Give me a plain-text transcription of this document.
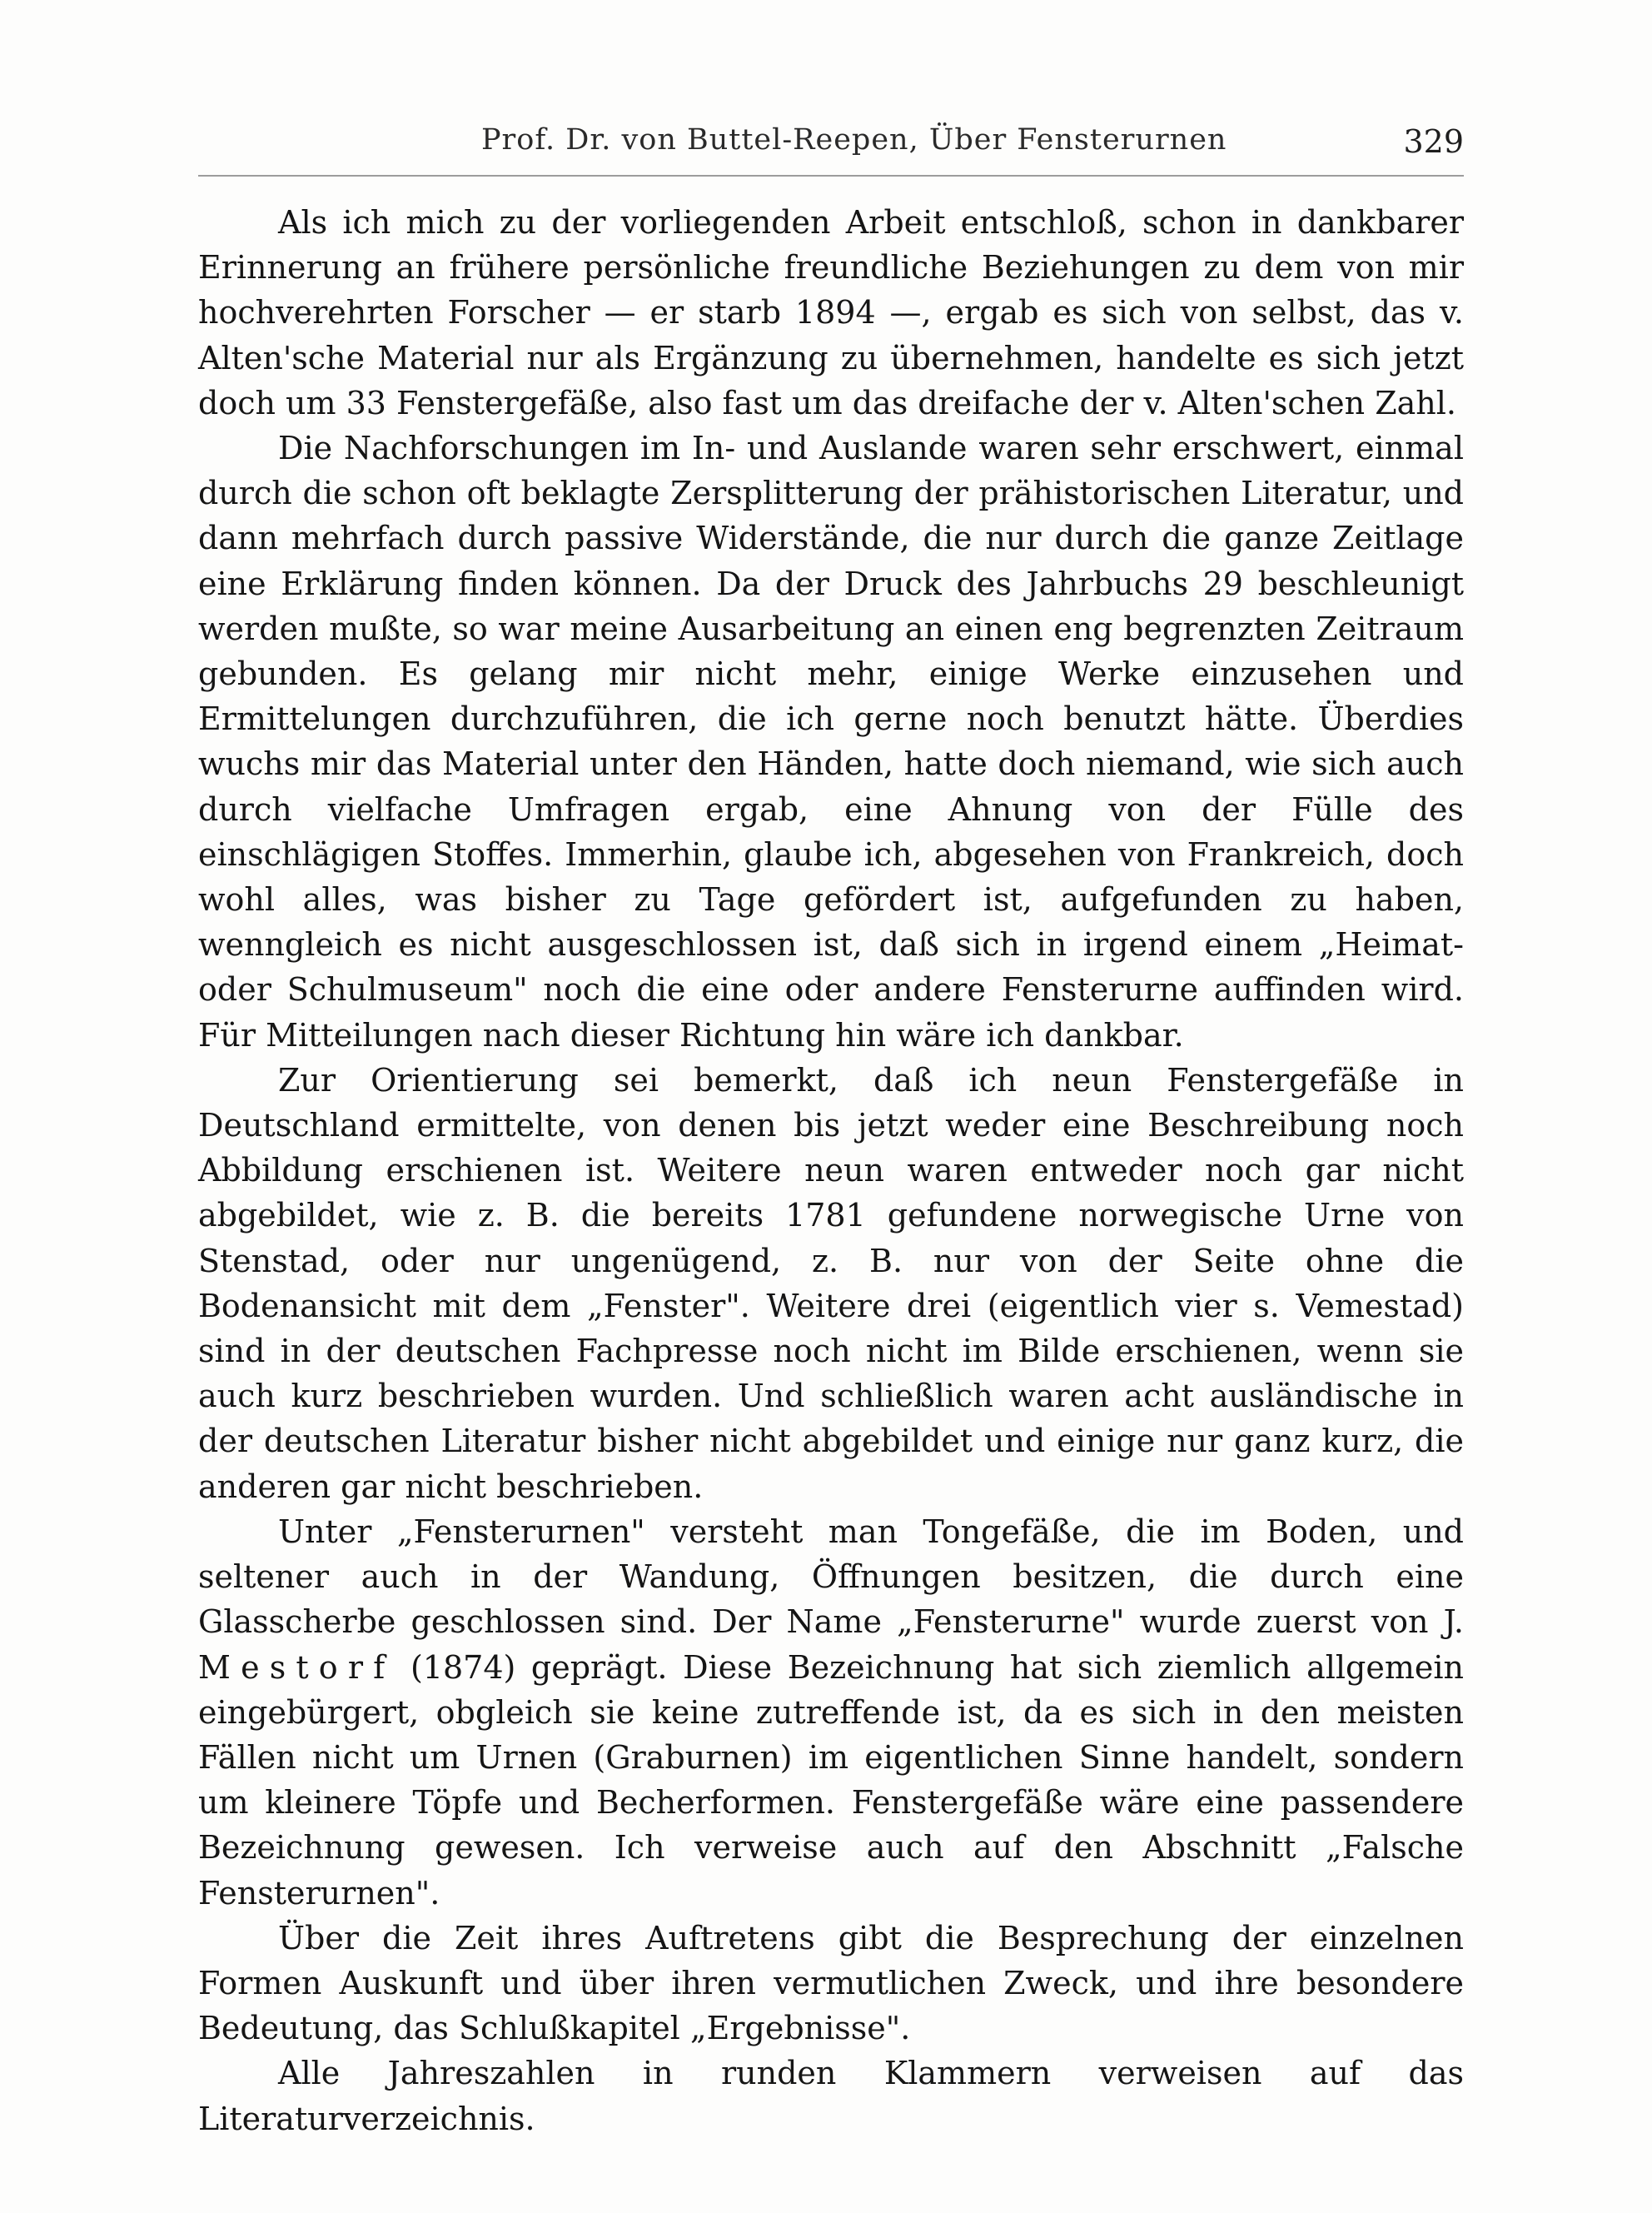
Prof. Dr. von Buttel-Reepen, Über Fensterurnen	329

Als ich mich zu der vorliegenden Arbeit entschloß, schon in dankbarer Erinnerung an frühere persönliche freundliche Beziehungen zu dem von mir hochverehrten Forscher — er starb 1894 —, ergab es sich von selbst, das v. Alten'sche Material nur als Ergänzung zu übernehmen, handelte es sich jetzt doch um 33 Fenstergefäße, also fast um das dreifache der v. Alten'schen Zahl.

Die Nachforschungen im In- und Auslande waren sehr erschwert, einmal durch die schon oft beklagte Zersplitterung der prähistorischen Literatur, und dann mehrfach durch passive Widerstände, die nur durch die ganze Zeitlage eine Erklärung finden können. Da der Druck des Jahrbuchs 29 beschleunigt werden mußte, so war meine Ausarbeitung an einen eng begrenzten Zeitraum gebunden. Es gelang mir nicht mehr, einige Werke einzusehen und Ermittelungen durchzuführen, die ich gerne noch benutzt hätte. Überdies wuchs mir das Material unter den Händen, hatte doch niemand, wie sich auch durch vielfache Umfragen ergab, eine Ahnung von der Fülle des einschlägigen Stoffes. Immerhin, glaube ich, abgesehen von Frankreich, doch wohl alles, was bisher zu Tage gefördert ist, aufgefunden zu haben, wenngleich es nicht ausgeschlossen ist, daß sich in irgend einem „Heimat- oder Schulmuseum" noch die eine oder andere Fensterurne auffinden wird. Für Mitteilungen nach dieser Richtung hin wäre ich dankbar.

Zur Orientierung sei bemerkt, daß ich neun Fenstergefäße in Deutschland ermittelte, von denen bis jetzt weder eine Beschreibung noch Abbildung erschienen ist. Weitere neun waren entweder noch gar nicht abgebildet, wie z. B. die bereits 1781 gefundene norwegische Urne von Stenstad, oder nur ungenügend, z. B. nur von der Seite ohne die Bodenansicht mit dem „Fenster". Weitere drei (eigentlich vier s. Vemestad) sind in der deutschen Fachpresse noch nicht im Bilde erschienen, wenn sie auch kurz beschrieben wurden. Und schließlich waren acht ausländische in der deutschen Literatur bisher nicht abgebildet und einige nur ganz kurz, die anderen gar nicht beschrieben.

Unter „Fensterurnen" versteht man Tongefäße, die im Boden, und seltener auch in der Wandung, Öffnungen besitzen, die durch eine Glasscherbe geschlossen sind. Der Name „Fensterurne" wurde zuerst von J. Mestorf (1874) geprägt. Diese Bezeichnung hat sich ziemlich allgemein eingebürgert, obgleich sie keine zutreffende ist, da es sich in den meisten Fällen nicht um Urnen (Graburnen) im eigentlichen Sinne handelt, sondern um kleinere Töpfe und Becherformen. Fenstergefäße wäre eine passendere Bezeichnung gewesen. Ich verweise auch auf den Abschnitt „Falsche Fensterurnen".

Über die Zeit ihres Auftretens gibt die Besprechung der einzelnen Formen Auskunft und über ihren vermutlichen Zweck, und ihre besondere Bedeutung, das Schlußkapitel „Ergebnisse".

Alle Jahreszahlen in runden Klammern verweisen auf das Literaturverzeichnis.
